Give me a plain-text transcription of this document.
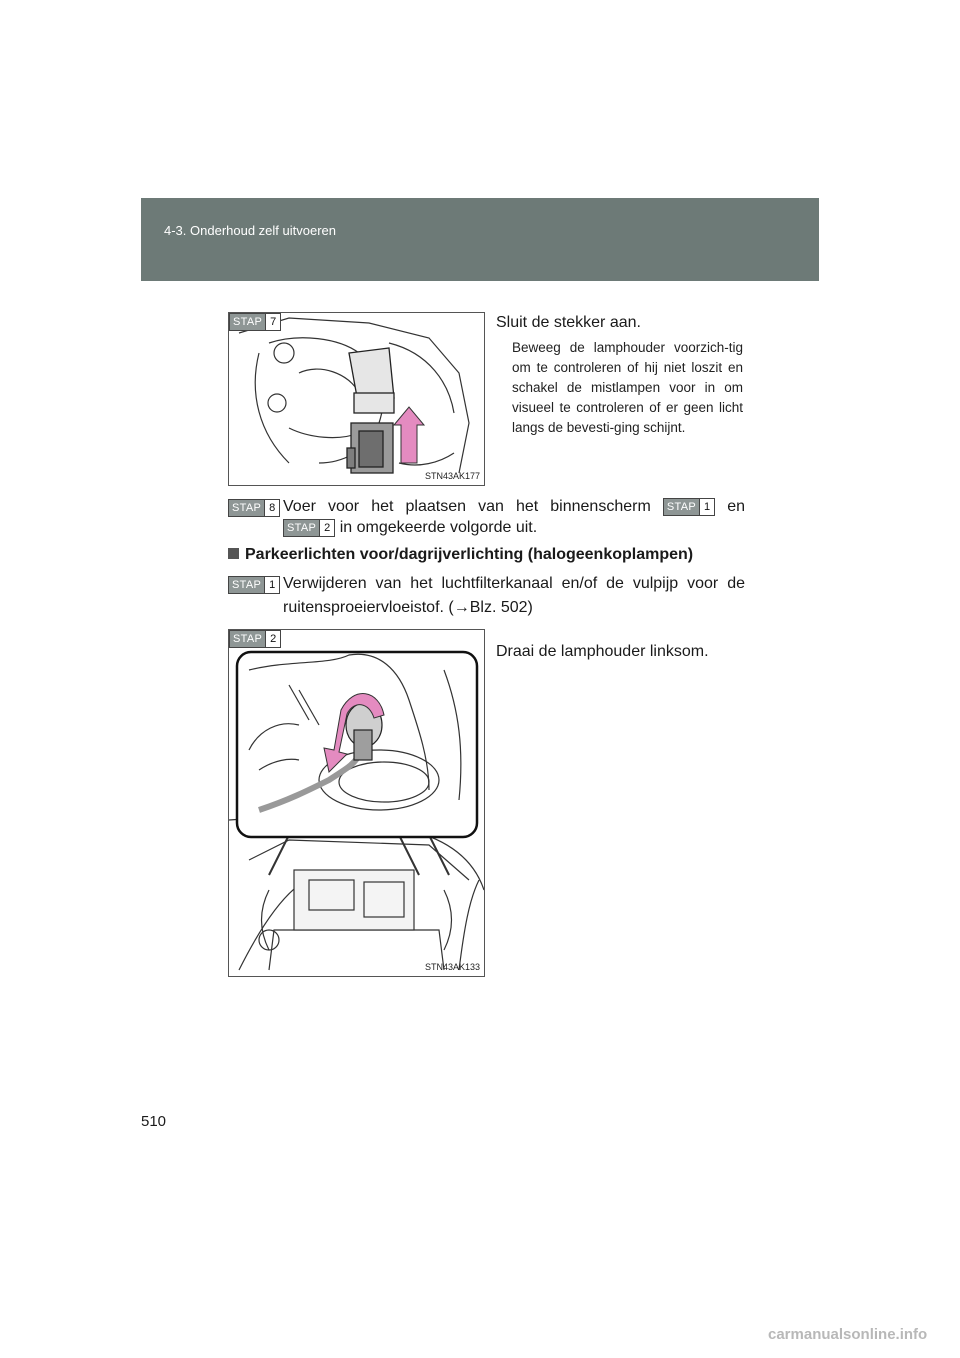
4-3. Onderhoud zelf uitvoeren
STAP 7
STN43AK177
Sluit de stekker aan.
Beweeg de lamphouder voorzich-tig om te controleren of hij niet loszit en schakel de mistlampen voor in om visueel te controleren of er geen licht langs de bevesti-ging schijnt.
STAP 8 Voer voor het plaatsen van het binnenscherm STAP 1 en
STAP 2 in omgekeerde volgorde uit.
Parkeerlichten voor/dagrijverlichting (halogeenkoplampen)
STAP 1 Verwijderen van het luchtfilterkanaal en/of de vulpijp voor de ruitensproeiervloeistof. (→Blz. 502)
STAP 2
STN43AK133
Draai de lamphouder linksom.
510
carmanualsonline.info
